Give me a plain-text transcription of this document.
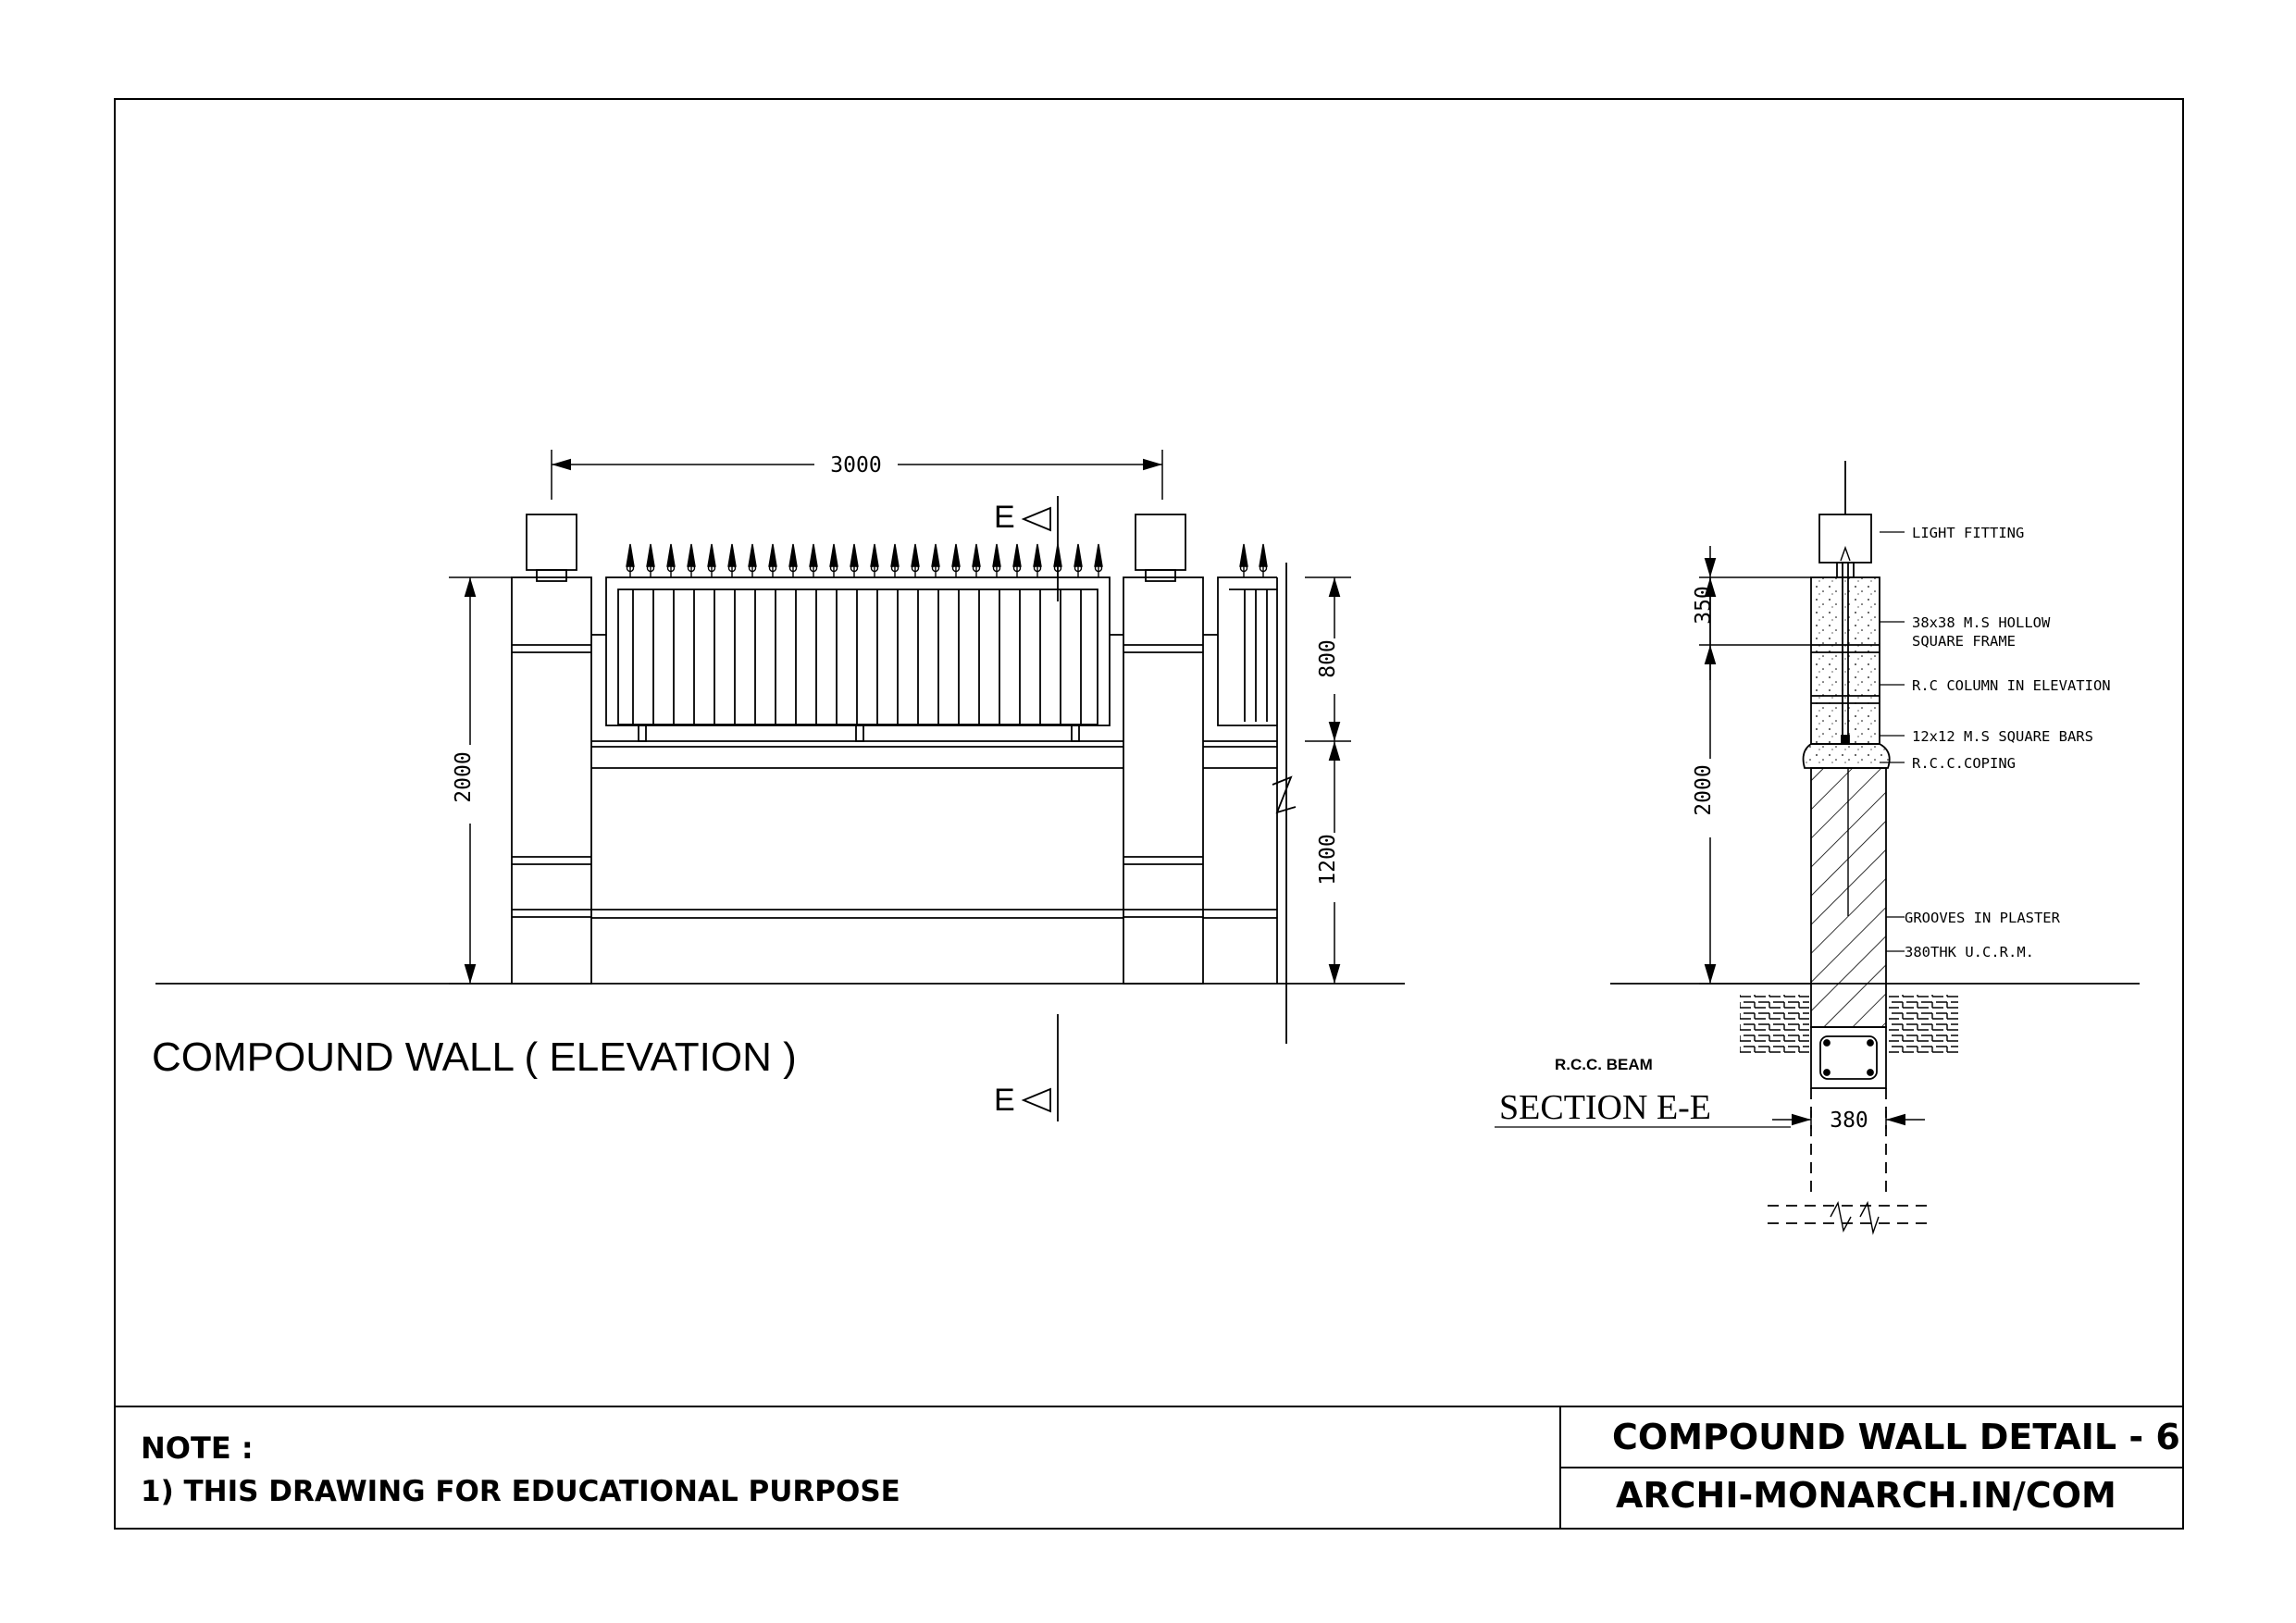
3000
2000
800
1200
E
E
COMPOUND WALL ( ELEVATION )
LIGHT FITTING
38x38 M.S HOLLOW
SQUARE FRAME
R.C COLUMN IN ELEVATION
12x12 M.S SQUARE BARS
R.C.C.COPING
GROOVES IN PLASTER
380THK U.C.R.M.
350
2000
380
R.C.C. BEAM
SECTION E-E
NOTE :
1) THIS DRAWING FOR EDUCATIONAL PURPOSE
COMPOUND WALL DETAIL - 6
ARCHI-MONARCH.IN/COM
